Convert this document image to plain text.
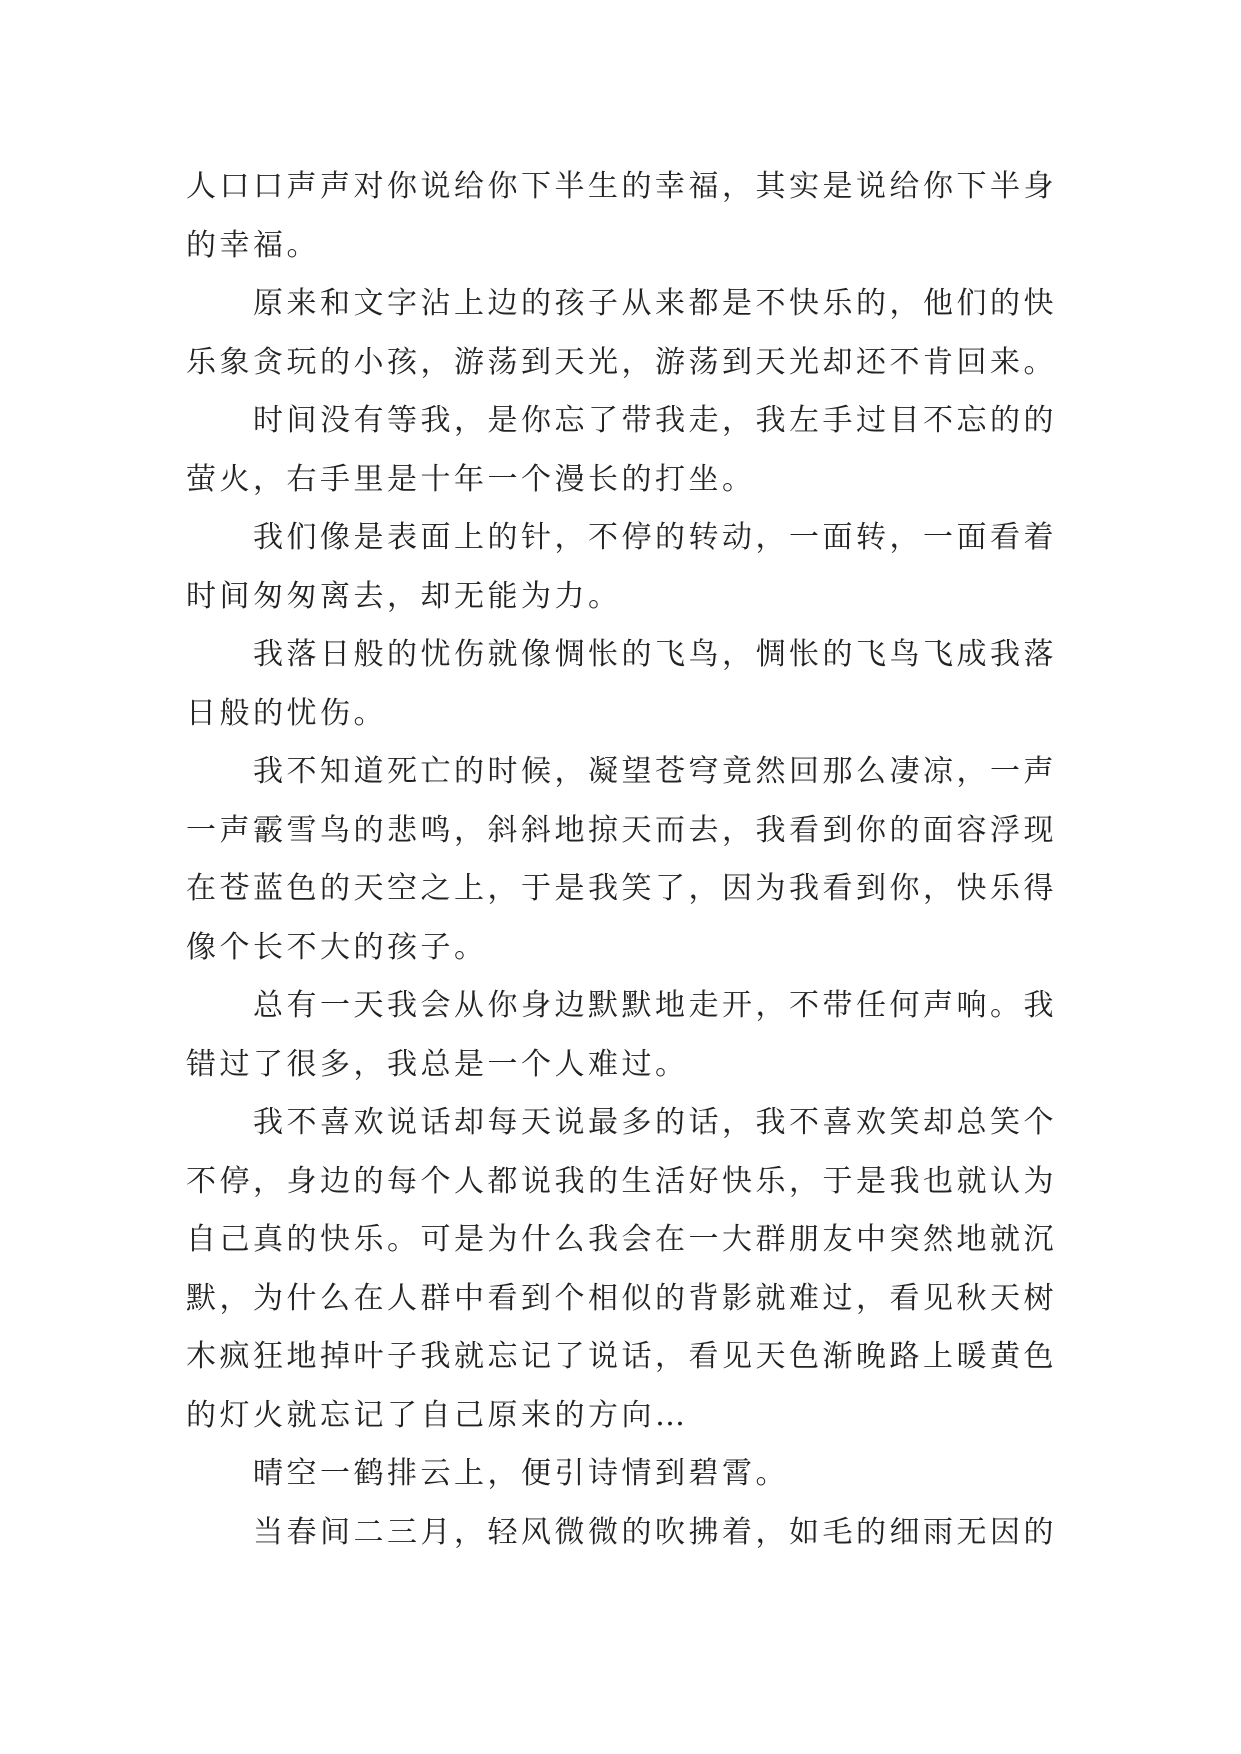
人口口声声对你说给你下半生的幸福，其实是说给你下半身的幸福。

　　原来和文字沾上边的孩子从来都是不快乐的，他们的快乐象贪玩的小孩，游荡到天光，游荡到天光却还不肯回来。

　　时间没有等我，是你忘了带我走，我左手过目不忘的的萤火，右手里是十年一个漫长的打坐。

　　我们像是表面上的针，不停的转动，一面转，一面看着时间匆匆离去，却无能为力。

　　我落日般的忧伤就像惆怅的飞鸟，惆怅的飞鸟飞成我落日般的忧伤。

　　我不知道死亡的时候，凝望苍穹竟然回那么凄凉，一声一声霰雪鸟的悲鸣，斜斜地掠天而去，我看到你的面容浮现在苍蓝色的天空之上，于是我笑了，因为我看到你，快乐得像个长不大的孩子。

　　总有一天我会从你身边默默地走开，不带任何声响。我错过了很多，我总是一个人难过。

　　我不喜欢说话却每天说最多的话，我不喜欢笑却总笑个不停，身边的每个人都说我的生活好快乐，于是我也就认为自己真的快乐。可是为什么我会在一大群朋友中突然地就沉默，为什么在人群中看到个相似的背影就难过，看见秋天树木疯狂地掉叶子我就忘记了说话，看见天色渐晚路上暖黄色的灯火就忘记了自己原来的方向…

　　晴空一鹤排云上，便引诗情到碧霄。

　　当春间二三月，轻风微微的吹拂着，如毛的细雨无因的
